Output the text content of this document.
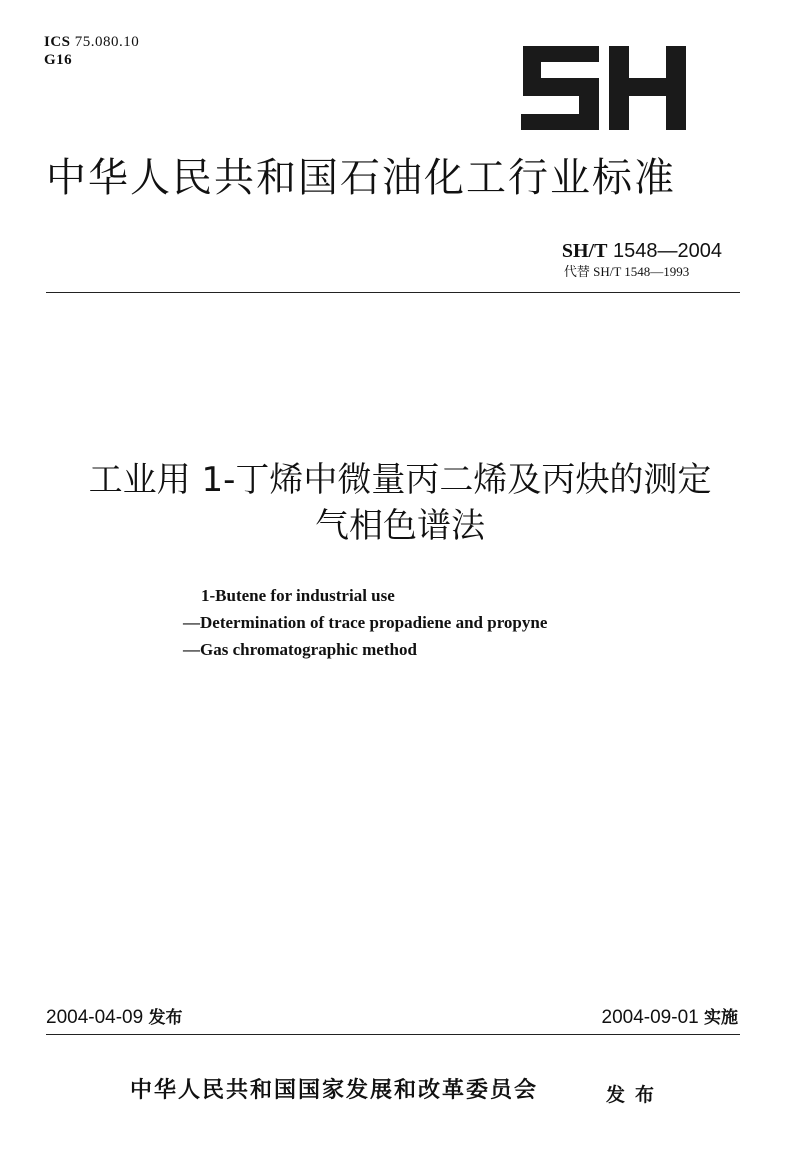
ICS 75.080.10
G16
中华人民共和国石油化工行业标准
SH/T 1548—2004
代替 SH/T 1548—1993
工业用 1-丁烯中微量丙二烯及丙炔的测定
气相色谱法
1-Butene for industrial use
—Determination of trace propadiene and propyne
—Gas chromatographic method
2004-04-09 发布	2004-09-01 实施
中华人民共和国国家发展和改革委员会	发布
